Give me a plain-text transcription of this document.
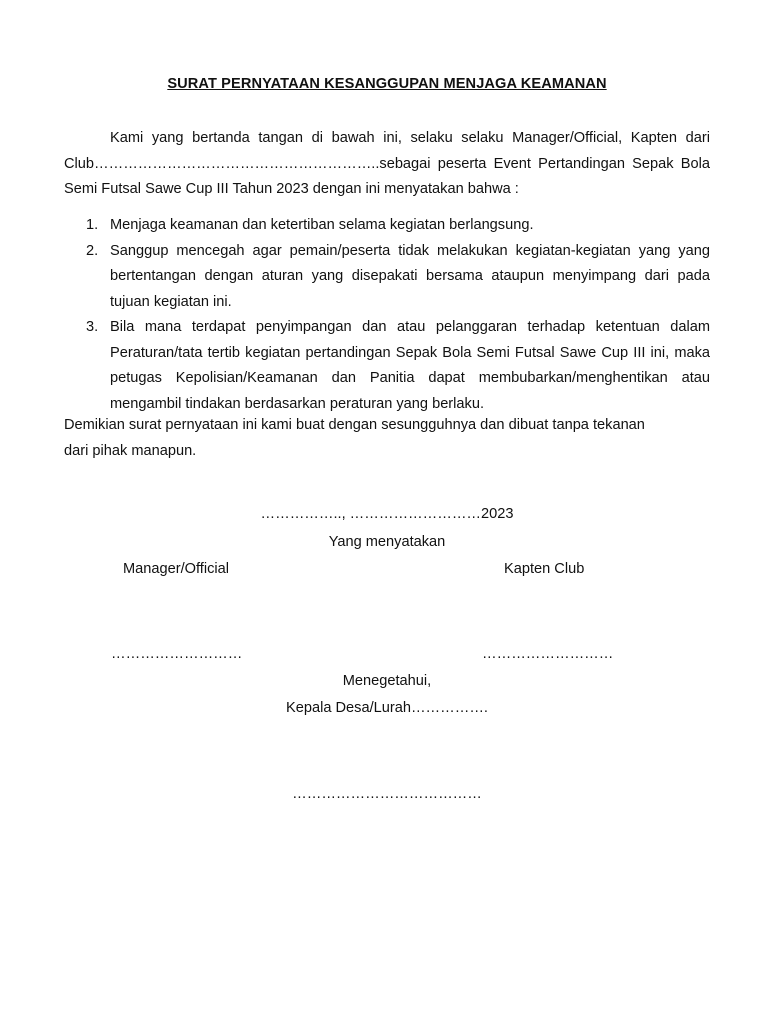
SURAT PERNYATAAN KESANGGUPAN MENJAGA KEAMANAN
Kami yang bertanda tangan di bawah ini, selaku selaku Manager/Official, Kapten dari Club…………………………………………………..sebagai peserta Event Pertandingan Sepak Bola Semi Futsal Sawe Cup III Tahun 2023 dengan ini menyatakan bahwa :
1. Menjaga keamanan dan ketertiban selama kegiatan berlangsung.
2. Sanggup mencegah agar pemain/peserta tidak melakukan kegiatan-kegiatan yang yang bertentangan dengan aturan yang disepakati bersama ataupun menyimpang dari pada tujuan kegiatan ini.
3. Bila mana terdapat penyimpangan dan atau pelanggaran terhadap ketentuan dalam Peraturan/tata tertib kegiatan pertandingan Sepak Bola Semi Futsal Sawe Cup III ini, maka petugas Kepolisian/Keamanan dan Panitia dapat membubarkan/menghentikan atau mengambil tindakan berdasarkan peraturan yang berlaku.
Demikian surat pernyataan ini kami buat dengan sesungguhnya dan dibuat tanpa tekanan
dari pihak manapun.
…………….., ………………………2023
Yang menyatakan
Manager/Official	Kapten Club
………………………	………………………
Menegetahui,
Kepala Desa/Lurah…………….
…………………………………
